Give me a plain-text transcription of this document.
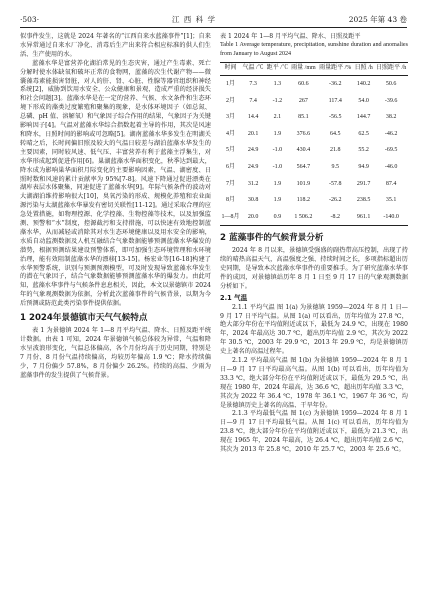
·503·	江 西 科 学	2025 年第 43 卷

似事件发生，这就是 2024 年著名的“江西自来水蓝藻事件”[1]；自来水异常通过自来水厂净化、消毒后生产出来符合相应标准的供人们生活、生产使用的水。

蓝藻水华是富营养化湖泊常见的生态灾害，通过产生毒素、死亡分解时使水体缺氧和破坏正常的食物网，蓝藻的次生代谢产物——微囊藻毒素能损害肾脏，对人的肝、肾、心脏、性腺等器官组织和神经系统[2]，威胁到饮用水安全、公众健康和景观，造成严重的经济损失和社会问题[3]。蓝藻水华是在一定的营养、气候、水文条件和生态环境下形成的藻类过度繁殖和聚集的现象，是水体环境因子（如总氮、总磷、pH 值、溶解氧）和气象因子综合作用的结果，气象因子为关键影响因子[4]。气温对蓝藻水华综合指数起着主导的作用，其次是风速和降水，日照时间的影响或可忽略[5]。湖南蓝藻水华多发生在明湖关转晴之后，长时间偏旧照及较大的气温日较差与湖泊蓝藻水华发生的主要因素，同时较风速、低气压、丰富营养有利于蓝藻主浮集生，对水华形成起到促进作用[6]。巢湖蓝藻水华面积变化，秋季达到最大，降水成为影响巢华面积月际变化的主要影响因素，气温、湖密度、日照时数和风速的累计贡献率为 95%[7-8]。风速下降通过促进漂类在湖库表层水体聚集，同速促进了蓝藻水华[9]。年际气候条件的波动对大湖湖泊维持影响很大[10]，臭氧污染的形成、规模化养殖和农业面源污染与太湖蓝藻水华暴发有密切关联性[11-12]。通过采取合理的应急处置措施，如物理控源、化学控藻、生物控藻等技术，以及加强监测、预警和“水”制度，控源截污和支持措施，可以快速有效地控制蓝藻水华，从而减轻或消除其对水生态环境健康以及用水安全的影响，水质自动监测数据及人机互融结合气象数据能够预测蓝藻水华爆发的潜势，根据预测结果建设预警体系，即可加强生态环境管理和水环境治理，能有效阻制蓝藻水华的漂移[13-15]。杨宏业等[16-18]构建了水华预警系统，识别与预测预测模型，可及时发现导致蓝藻水华发生的潜在气象因子，结合气象数据能够预测蓝藻水华的爆发力。由此可知，蓝藻水华事件与气候条件息息相关，因此，本文以景德镇市 2024 年的气象观测数据为依据，分析此次蓝藻事件的气候背景，以期为今后预测或防范此类污染事件提供依据。

1 2024年景德镇市天气气候特点

表 1 为景德镇 2024 年 1—8 月平均气温、降水、日照及距平统计数据。由表 1 可知，2024 年景德镇气候总体较为异常，气温和降水呈波浪形变化，气温总体偏高，各个月份均高于历史同期，特别是 7 月份、8 月份气温持续偏高，均较历年偏高 1.9 ℃；降水持续偏少，7 月份偏少 57.8%，8 月份偏少 26.2%。持续的高温、少雨为蓝藻事件的发生提供了气候背景。

表 1 2024 年 1—8 月平均气温、降水、日照及距平

Table 1 Average temperature, precipitation, sunshine duration and anomalies from January to August 2024

时间	气温 /℃	距平 /℃	雨量 /mm	雨量距平 /%	日照 /h	日照距平 /h
1月	7.3	1.3	60.6	-36.2	140.2	50.6
2月	7.4	-1.2	267	117.4	54.0	-39.6
3月	14.4	2.1	85.1	-56.5	144.7	38.2
4月	20.1	1.9	376.6	64.5	62.5	-46.2
5月	24.9	-1.0	430.4	21.8	55.2	-69.5
6月	24.9	-1.0	564.7	9.5	94.9	-46.0
7月	31.2	1.9	101.9	-57.8	291.7	87.4
8月	30.8	1.9	118.2	-26.2	238.5	35.1
1—8月	20.0	0.9	1 506.2	-8.2	961.1	-140.0
2 蓝藻事件的气候背景分析

2024 年 8 月以来，景德镇受强盛的副热带高压控制，出现了持续的晴热高温天气，高温强度之强、持续时间之长，多项指标超出历史同期，是导致本次蓝藻水华事件的重要推手。为了研究蓝藻水华事件的成因，对景德镇站历年 8 月 1 日至 9 月 17 日的气象观测数据分析如下。

2.1 气温

2.1.1 平均气温 图 1(a) 为景德镇 1959—2024 年 8 月 1 日—9 月 17 日平均气温。从图 1(a) 可以看出，历年均值为 27.8 ℃，绝大部分年份在平均值附近或以下，最低为 24.9 ℃，出现在 1980 年，2024 年最高达 30.7 ℃，超出历年均值 2.9 ℃，其次为 2022 年 30.5 ℃，2003 年 29.9 ℃，2013 年 29.9 ℃，均是景德镇历史上著名的高温过程年。

2.1.2 平均最高气温 图 1(b) 为景德镇 1959—2024 年 8 月 1 日—9 月 17 日平均最高气温。从图 1(b) 可以看出，历年均值为 33.3 ℃，绝大部分年份在平均值附近或以下，最低为 29.5 ℃，出现在 1980 年，2024 年最高，达 36.6 ℃，超出历年均值 3.3 ℃，其次为 2022 年 36.4 ℃，1978 年 36.1 ℃，1967 年 36 ℃，均是景德镇历史上著名的高温、干旱年份。

2.1.3 平均最低气温 图 1(c) 为景德镇 1959—2024 年 8 月 1 日—9 月 17 日平均最低气温。从图 1(c) 可以看出，历年均值为 23.8 ℃，绝大部分年份在平均值附近或以下，最低为 21.3 ℃，出现在 1965 年，2024 年最高，达 26.4 ℃，超出历年均值 2.6 ℃，其次为 2013 年 25.8 ℃，2010 年 25.7 ℃，2003 年 25.6 ℃。
